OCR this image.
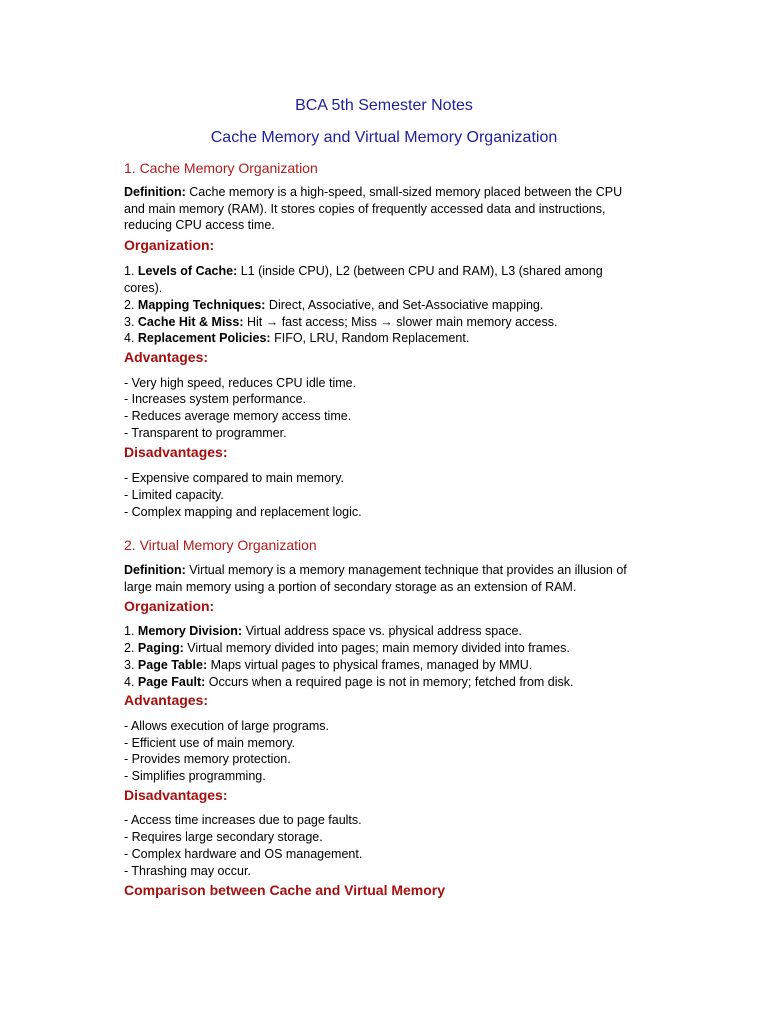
BCA 5th Semester Notes
Cache Memory and Virtual Memory Organization
1. Cache Memory Organization
Definition: Cache memory is a high-speed, small-sized memory placed between the CPU and main memory (RAM). It stores copies of frequently accessed data and instructions, reducing CPU access time.
Organization:
1. Levels of Cache: L1 (inside CPU), L2 (between CPU and RAM), L3 (shared among cores).
2. Mapping Techniques: Direct, Associative, and Set-Associative mapping.
3. Cache Hit & Miss: Hit → fast access; Miss → slower main memory access.
4. Replacement Policies: FIFO, LRU, Random Replacement.
Advantages:
- Very high speed, reduces CPU idle time.
- Increases system performance.
- Reduces average memory access time.
- Transparent to programmer.
Disadvantages:
- Expensive compared to main memory.
- Limited capacity.
- Complex mapping and replacement logic.
2. Virtual Memory Organization
Definition: Virtual memory is a memory management technique that provides an illusion of large main memory using a portion of secondary storage as an extension of RAM.
Organization:
1. Memory Division: Virtual address space vs. physical address space.
2. Paging: Virtual memory divided into pages; main memory divided into frames.
3. Page Table: Maps virtual pages to physical frames, managed by MMU.
4. Page Fault: Occurs when a required page is not in memory; fetched from disk.
Advantages:
- Allows execution of large programs.
- Efficient use of main memory.
- Provides memory protection.
- Simplifies programming.
Disadvantages:
- Access time increases due to page faults.
- Requires large secondary storage.
- Complex hardware and OS management.
- Thrashing may occur.
Comparison between Cache and Virtual Memory
